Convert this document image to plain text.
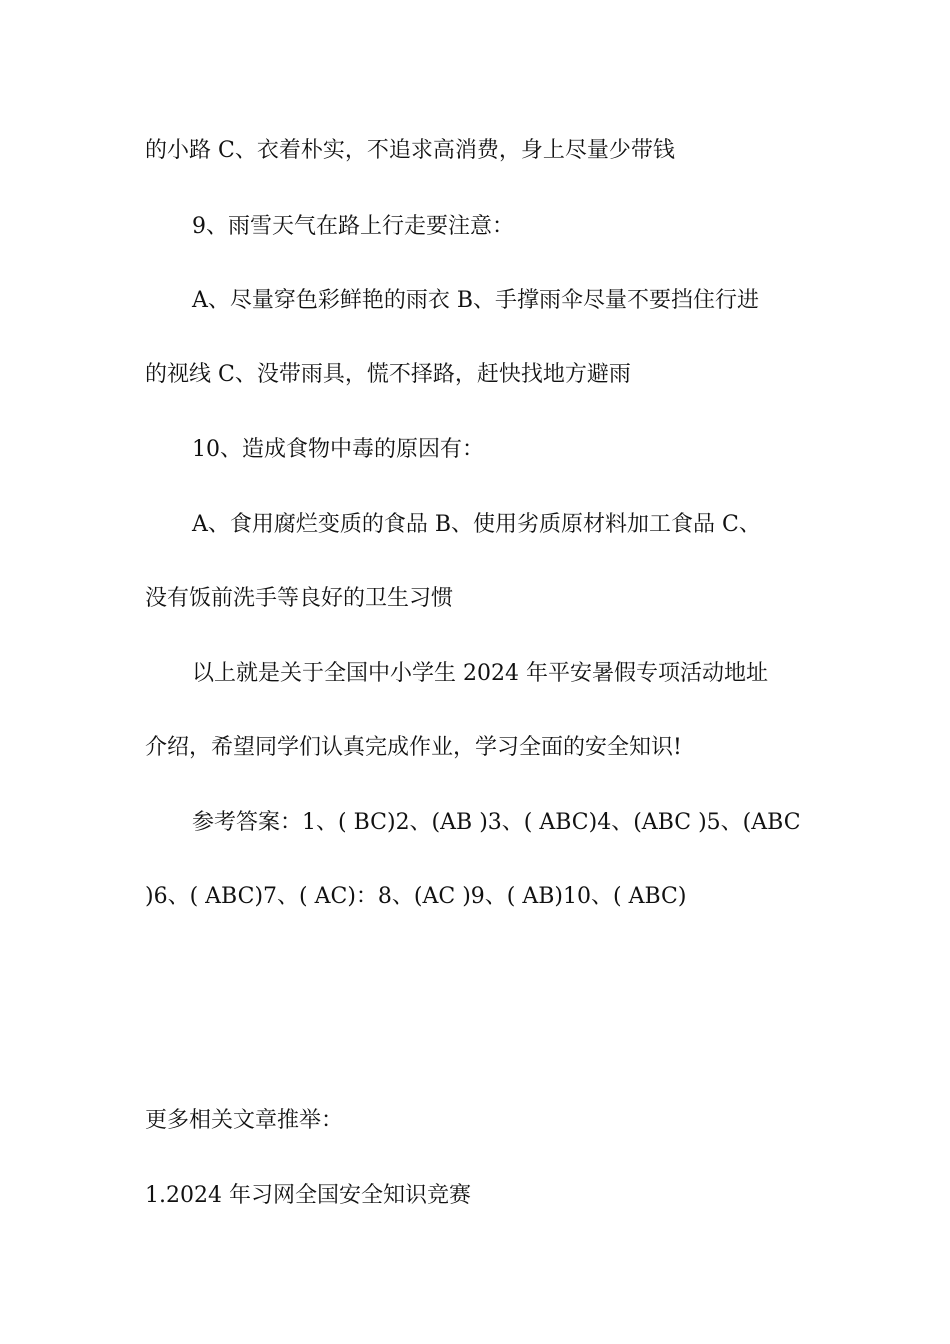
的小路 C、衣着朴实，不追求高消费，身上尽量少带钱
9、雨雪天气在路上行走要注意：
A、尽量穿色彩鲜艳的雨衣 B、手撑雨伞尽量不要挡住行进
的视线 C、没带雨具，慌不择路，赶快找地方避雨
10、造成食物中毒的原因有：
A、食用腐烂变质的食品 B、使用劣质原材料加工食品 C、
没有饭前洗手等良好的卫生习惯
以上就是关于全国中小学生 2024 年平安暑假专项活动地址
介绍，希望同学们认真完成作业，学习全面的安全知识!
参考答案：1、( BC)2、(AB )3、( ABC)4、(ABC )5、(ABC
)6、( ABC)7、( AC)：8、(AC )9、( AB)10、( ABC)
更多相关文章推举：
1.2024 年习网全国安全知识竞赛
